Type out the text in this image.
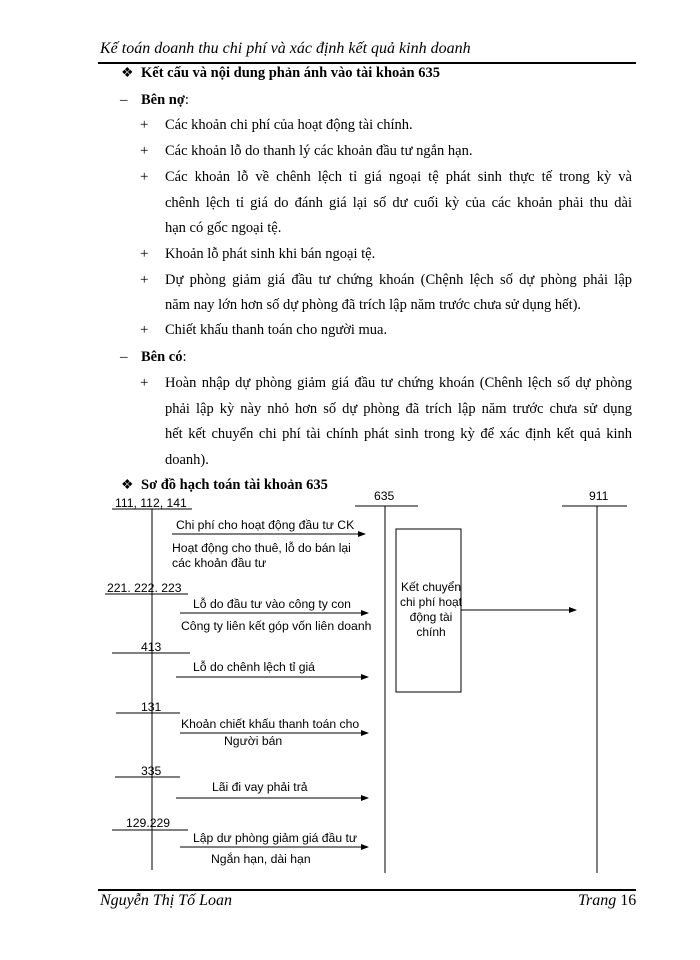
Kế toán doanh thu chi phí và xác định kết quả kinh doanh
❖ Kết cấu và nội dung phản ánh vào tài khoản 635
– Bên nợ:
+ Các khoản chi phí của hoạt động tài chính.
+ Các khoản lỗ do thanh lý các khoản đầu tư ngắn hạn.
+ Các khoản lỗ về chênh lệch tỉ giá ngoại tệ phát sinh thực tế trong kỳ và
chênh lệch tỉ giá do đánh giá lại số dư cuối kỳ của các khoản phải thu dài
hạn có gốc ngoại tệ.
+ Khoản lỗ phát sinh khi bán ngoại tệ.
+ Dự phòng giảm giá đầu tư chứng khoán (Chệnh lệch số dự phòng phải lập
năm nay lớn hơn số dự phòng đã trích lập năm trước chưa sử dụng hết).
+ Chiết khấu thanh toán cho người mua.
– Bên có:
+ Hoàn nhập dự phòng giảm giá đầu tư chứng khoán (Chênh lệch số dự phòng
phải lập kỳ này nhỏ hơn số dự phòng đã trích lập năm trước chưa sử dụng
hết kết chuyển chi phí tài chính phát sinh trong kỳ để xác định kết quả kinh
doanh).
❖ Sơ đồ hạch toán tài khoản 635
635	911
111, 112, 141
221. 222. 223
413
131
335
129.229
Chi phí cho hoạt động đầu tư CK
Hoạt động cho thuê, lỗ do bán lại
các khoản đầu tư
Lỗ do đầu tư vào công ty con
Công ty liên kết góp vốn liên doanh
Lỗ do chênh lệch tỉ giá
Khoản chiết khấu thanh toán cho
Người bán
Lãi đi vay phải trả
Lập dư phòng giảm giá đầu tư
Ngắn hạn, dài hạn
Kết chuyển chi phí hoạt động tài chính
Nguyễn Thị Tố Loan	Trang 16
